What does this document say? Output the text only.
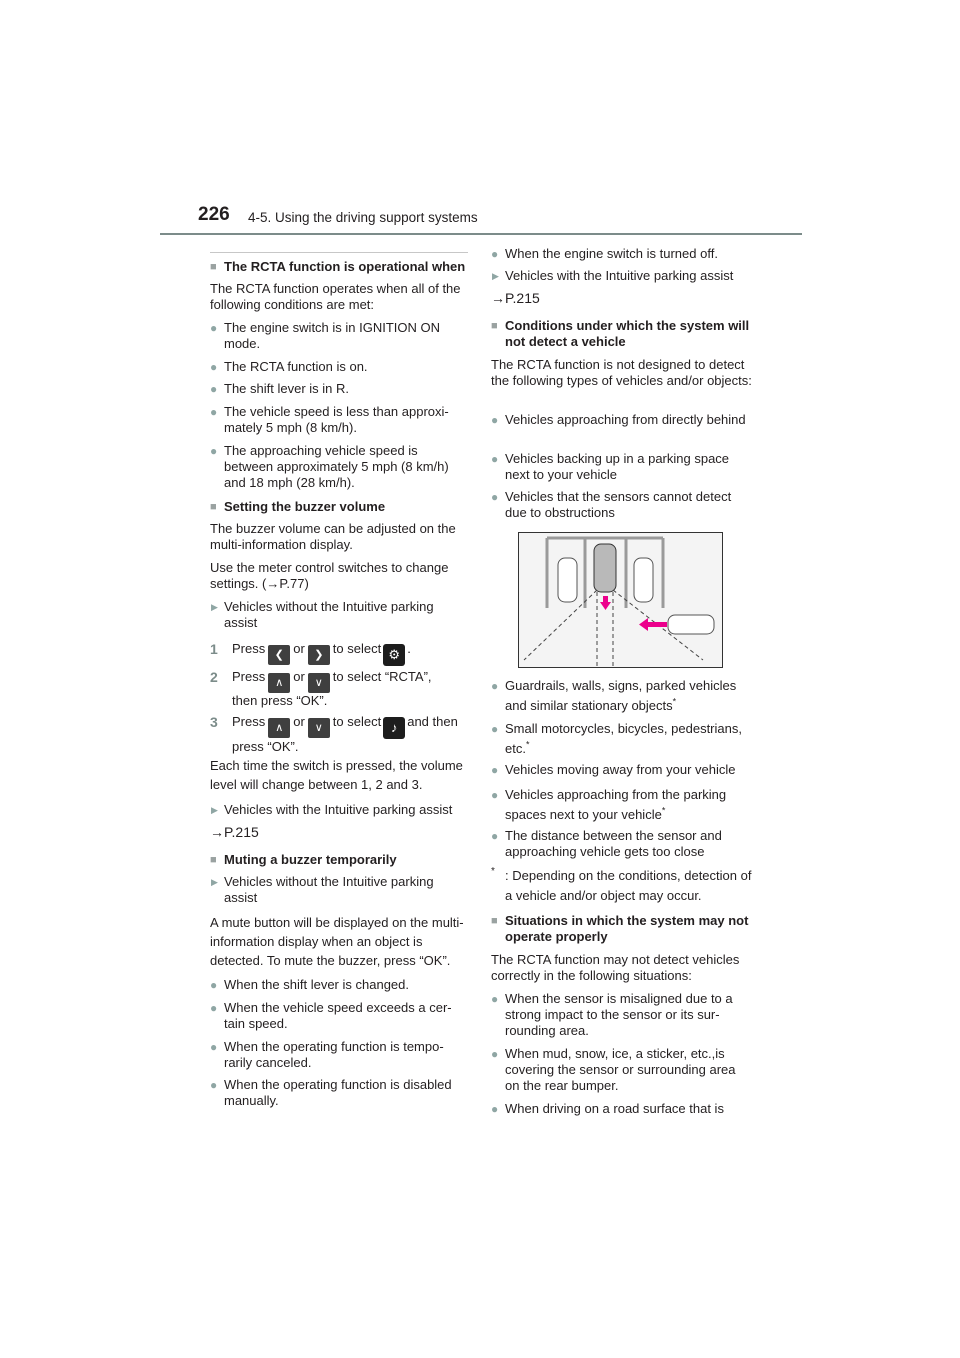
226 4-5. Using the driving support systems
■ The RCTA function is operational when
The RCTA function operates when all of the following conditions are met:
● The engine switch is in IGNITION ON mode.
● The RCTA function is on.
● The shift lever is in R.
● The vehicle speed is less than approxi-mately 5 mph (8 km/h).
● The approaching vehicle speed is between approximately 5 mph (8 km/h) and 18 mph (28 km/h).
■ Setting the buzzer volume
The buzzer volume can be adjusted on the multi-information display.
Use the meter control switches to change settings. (→P.77)
▶ Vehicles without the Intuitive parking assist
1 Press ❮ or ❯ to select ⚙ .
2 Press ∧ or ∨ to select “RCTA”,
then press “OK”.
3 Press ∧ or ∨ to select ♪ and then
press “OK”.
Each time the switch is pressed, the volume level will change between 1, 2 and 3.
▶ Vehicles with the Intuitive parking assist
→P.215
■ Muting a buzzer temporarily
▶ Vehicles without the Intuitive parking assist
A mute button will be displayed on the multi-information display when an object is detected. To mute the buzzer, press “OK”.
● When the shift lever is changed.
● When the vehicle speed exceeds a cer-tain speed.
● When the operating function is tempo-rarily canceled.
● When the operating function is disabled manually.
● When the engine switch is turned off.
▶ Vehicles with the Intuitive parking assist
→P.215
■ Conditions under which the system will not detect a vehicle
The RCTA function is not designed to detect the following types of vehicles and/or objects:
● Vehicles approaching from directly behind
● Vehicles backing up in a parking space next to your vehicle
● Vehicles that the sensors cannot detect due to obstructions
● Guardrails, walls, signs, parked vehicles and similar stationary objects*
● Small motorcycles, bicycles, pedestrians, etc.*
● Vehicles moving away from your vehicle
● Vehicles approaching from the parking spaces next to your vehicle*
● The distance between the sensor and approaching vehicle gets too close
* : Depending on the conditions, detection of a vehicle and/or object may occur.
■ Situations in which the system may not operate properly
The RCTA function may not detect vehicles correctly in the following situations:
● When the sensor is misaligned due to a strong impact to the sensor or its sur-rounding area.
● When mud, snow, ice, a sticker, etc.,is covering the sensor or surrounding area on the rear bumper.
● When driving on a road surface that is
